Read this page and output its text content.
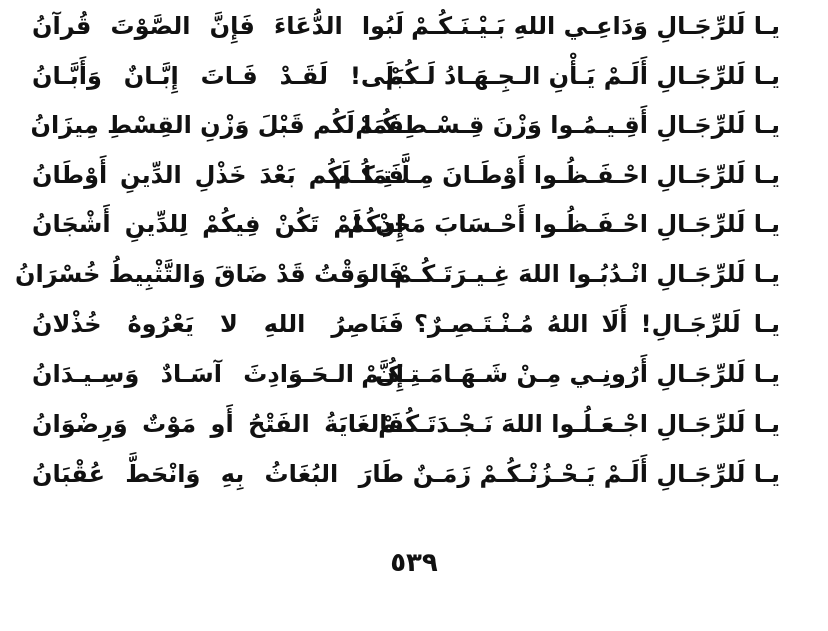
يـا لَلرِّجَـالِ وَدَاعِـي اللهِ بَـيْـنَـكُـمْ
لَبُوا الدُّعَاءَ فَإِنَّ الصَّوْتَ قُرآنُ
يـا لَلرِّجَـالِ أَلَـمْ يَـأْنِ الـجِـهَـادُ لَـكُمْ
بَلَى! لَقَـدْ فَـاتَ إِبَّـانٌ وَأَبَّـانُ
يـا لَلرِّجَـالِ أَقِـيـمُـوا وَزْنَ قِـسْـطِـكُـمْ
فَمَا لَكُم قَبْلَ وَزْنِ القِسْطِ مِيزَانُ
يـا لَلرِّجَـالِ احْـفَـظُـوا أَوْطَـانَ مِـلَّـتِـكُـم
فَمَا لَكُم بَعْدَ خَذْلِ الدِّينِ أَوْطَانُ
يـا لَلرِّجَـالِ احْـفَـظُـوا أَحْـسَابَ مَجْدِكُمْ
إِنْ لَمْ تَكُنْ فِيكُمْ لِلدِّينِ أَشْجَانُ
يـا لَلرِّجَـالِ انْـدُبُـوا اللهَ غِـيـرَتَـكُـمْ
فَالوَقْتُ قَدْ ضَاقَ وَالتَّثْبِيطُ خُسْرَانُ
يـا لَلرِّجَـالِ! أَلَا اللهُ مُـنْـتَـصِـرٌ؟
فَنَاصِرُ اللهِ لا يَعْرُوهُ خُذْلانُ
يـا لَلرِّجَـالِ أَرُونِـي مِـنْ شَـهَـامَـتِـكُـمْ
إِنَّ الـحَـوَادِثَ آسَـادٌ وَسِـيـدَانُ
يـا لَلرِّجَـالِ اجْـعَـلُـوا اللهَ نَـجْـدَتَـكُـمْ
فَالغَايَةُ الفَتْحُ أَو مَوْتٌ وَرِضْوَانُ
يـا لَلرِّجَـالِ أَلَـمْ يَـحْـزُنْـكُـمْ زَمَـنٌ
طَارَ البُغَاثُ بِهِ وَانْحَطَّ عُقْبَانُ
٥٣٩
